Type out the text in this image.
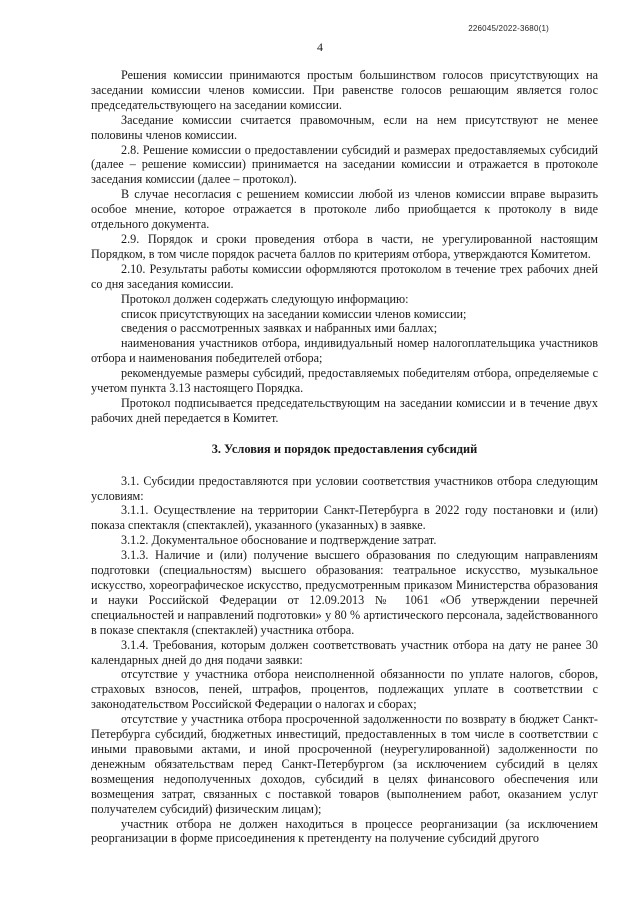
226045/2022-3680(1)
4

Решения комиссии принимаются простым большинством голосов присутствующих на заседании комиссии членов комиссии. При равенстве голосов решающим является голос председательствующего на заседании комиссии.

Заседание комиссии считается правомочным, если на нем присутствуют не менее половины членов комиссии.

2.8. Решение комиссии о предоставлении субсидий и размерах предоставляемых субсидий (далее – решение комиссии) принимается на заседании комиссии и отражается в протоколе заседания комиссии (далее – протокол).

В случае несогласия с решением комиссии любой из членов комиссии вправе выразить особое мнение, которое отражается в протоколе либо приобщается к протоколу в виде отдельного документа.

2.9. Порядок и сроки проведения отбора в части, не урегулированной настоящим Порядком, в том числе порядок расчета баллов по критериям отбора, утверждаются Комитетом.

2.10. Результаты работы комиссии оформляются протоколом в течение трех рабочих дней со дня заседания комиссии.

Протокол должен содержать следующую информацию:

список присутствующих на заседании комиссии членов комиссии;

сведения о рассмотренных заявках и набранных ими баллах;

наименования участников отбора, индивидуальный номер налогоплательщика участников отбора и наименования победителей отбора;

рекомендуемые размеры субсидий, предоставляемых победителям отбора, определяемые с учетом пункта 3.13 настоящего Порядка.

Протокол подписывается председательствующим на заседании комиссии и в течение двух рабочих дней передается в Комитет.

3. Условия и порядок предоставления субсидий

3.1. Субсидии предоставляются при условии соответствия участников отбора следующим условиям:

3.1.1. Осуществление на территории Санкт-Петербурга в 2022 году постановки и (или) показа спектакля (спектаклей), указанного (указанных) в заявке.

3.1.2. Документальное обоснование и подтверждение затрат.

3.1.3. Наличие и (или) получение высшего образования по следующим направлениям подготовки (специальностям) высшего образования: театральное искусство, музыкальное искусство, хореографическое искусство, предусмотренным приказом Министерства образования и науки Российской Федерации от 12.09.2013 № 1061 «Об утверждении перечней специальностей и направлений подготовки» у 80 % артистического персонала, задействованного в показе спектакля (спектаклей) участника отбора.

3.1.4. Требования, которым должен соответствовать участник отбора на дату не ранее 30 календарных дней до дня подачи заявки:

отсутствие у участника отбора неисполненной обязанности по уплате налогов, сборов, страховых взносов, пеней, штрафов, процентов, подлежащих уплате в соответствии с законодательством Российской Федерации о налогах и сборах;

отсутствие у участника отбора просроченной задолженности по возврату в бюджет Санкт-Петербурга субсидий, бюджетных инвестиций, предоставленных в том числе в соответствии с иными правовыми актами, и иной просроченной (неурегулированной) задолженности по денежным обязательствам перед Санкт-Петербургом (за исключением субсидий в целях возмещения недополученных доходов, субсидий в целях финансового обеспечения или возмещения затрат, связанных с поставкой товаров (выполнением работ, оказанием услуг получателем субсидий) физическим лицам);

участник отбора не должен находиться в процессе реорганизации (за исключением реорганизации в форме присоединения к претенденту на получение субсидий другого
